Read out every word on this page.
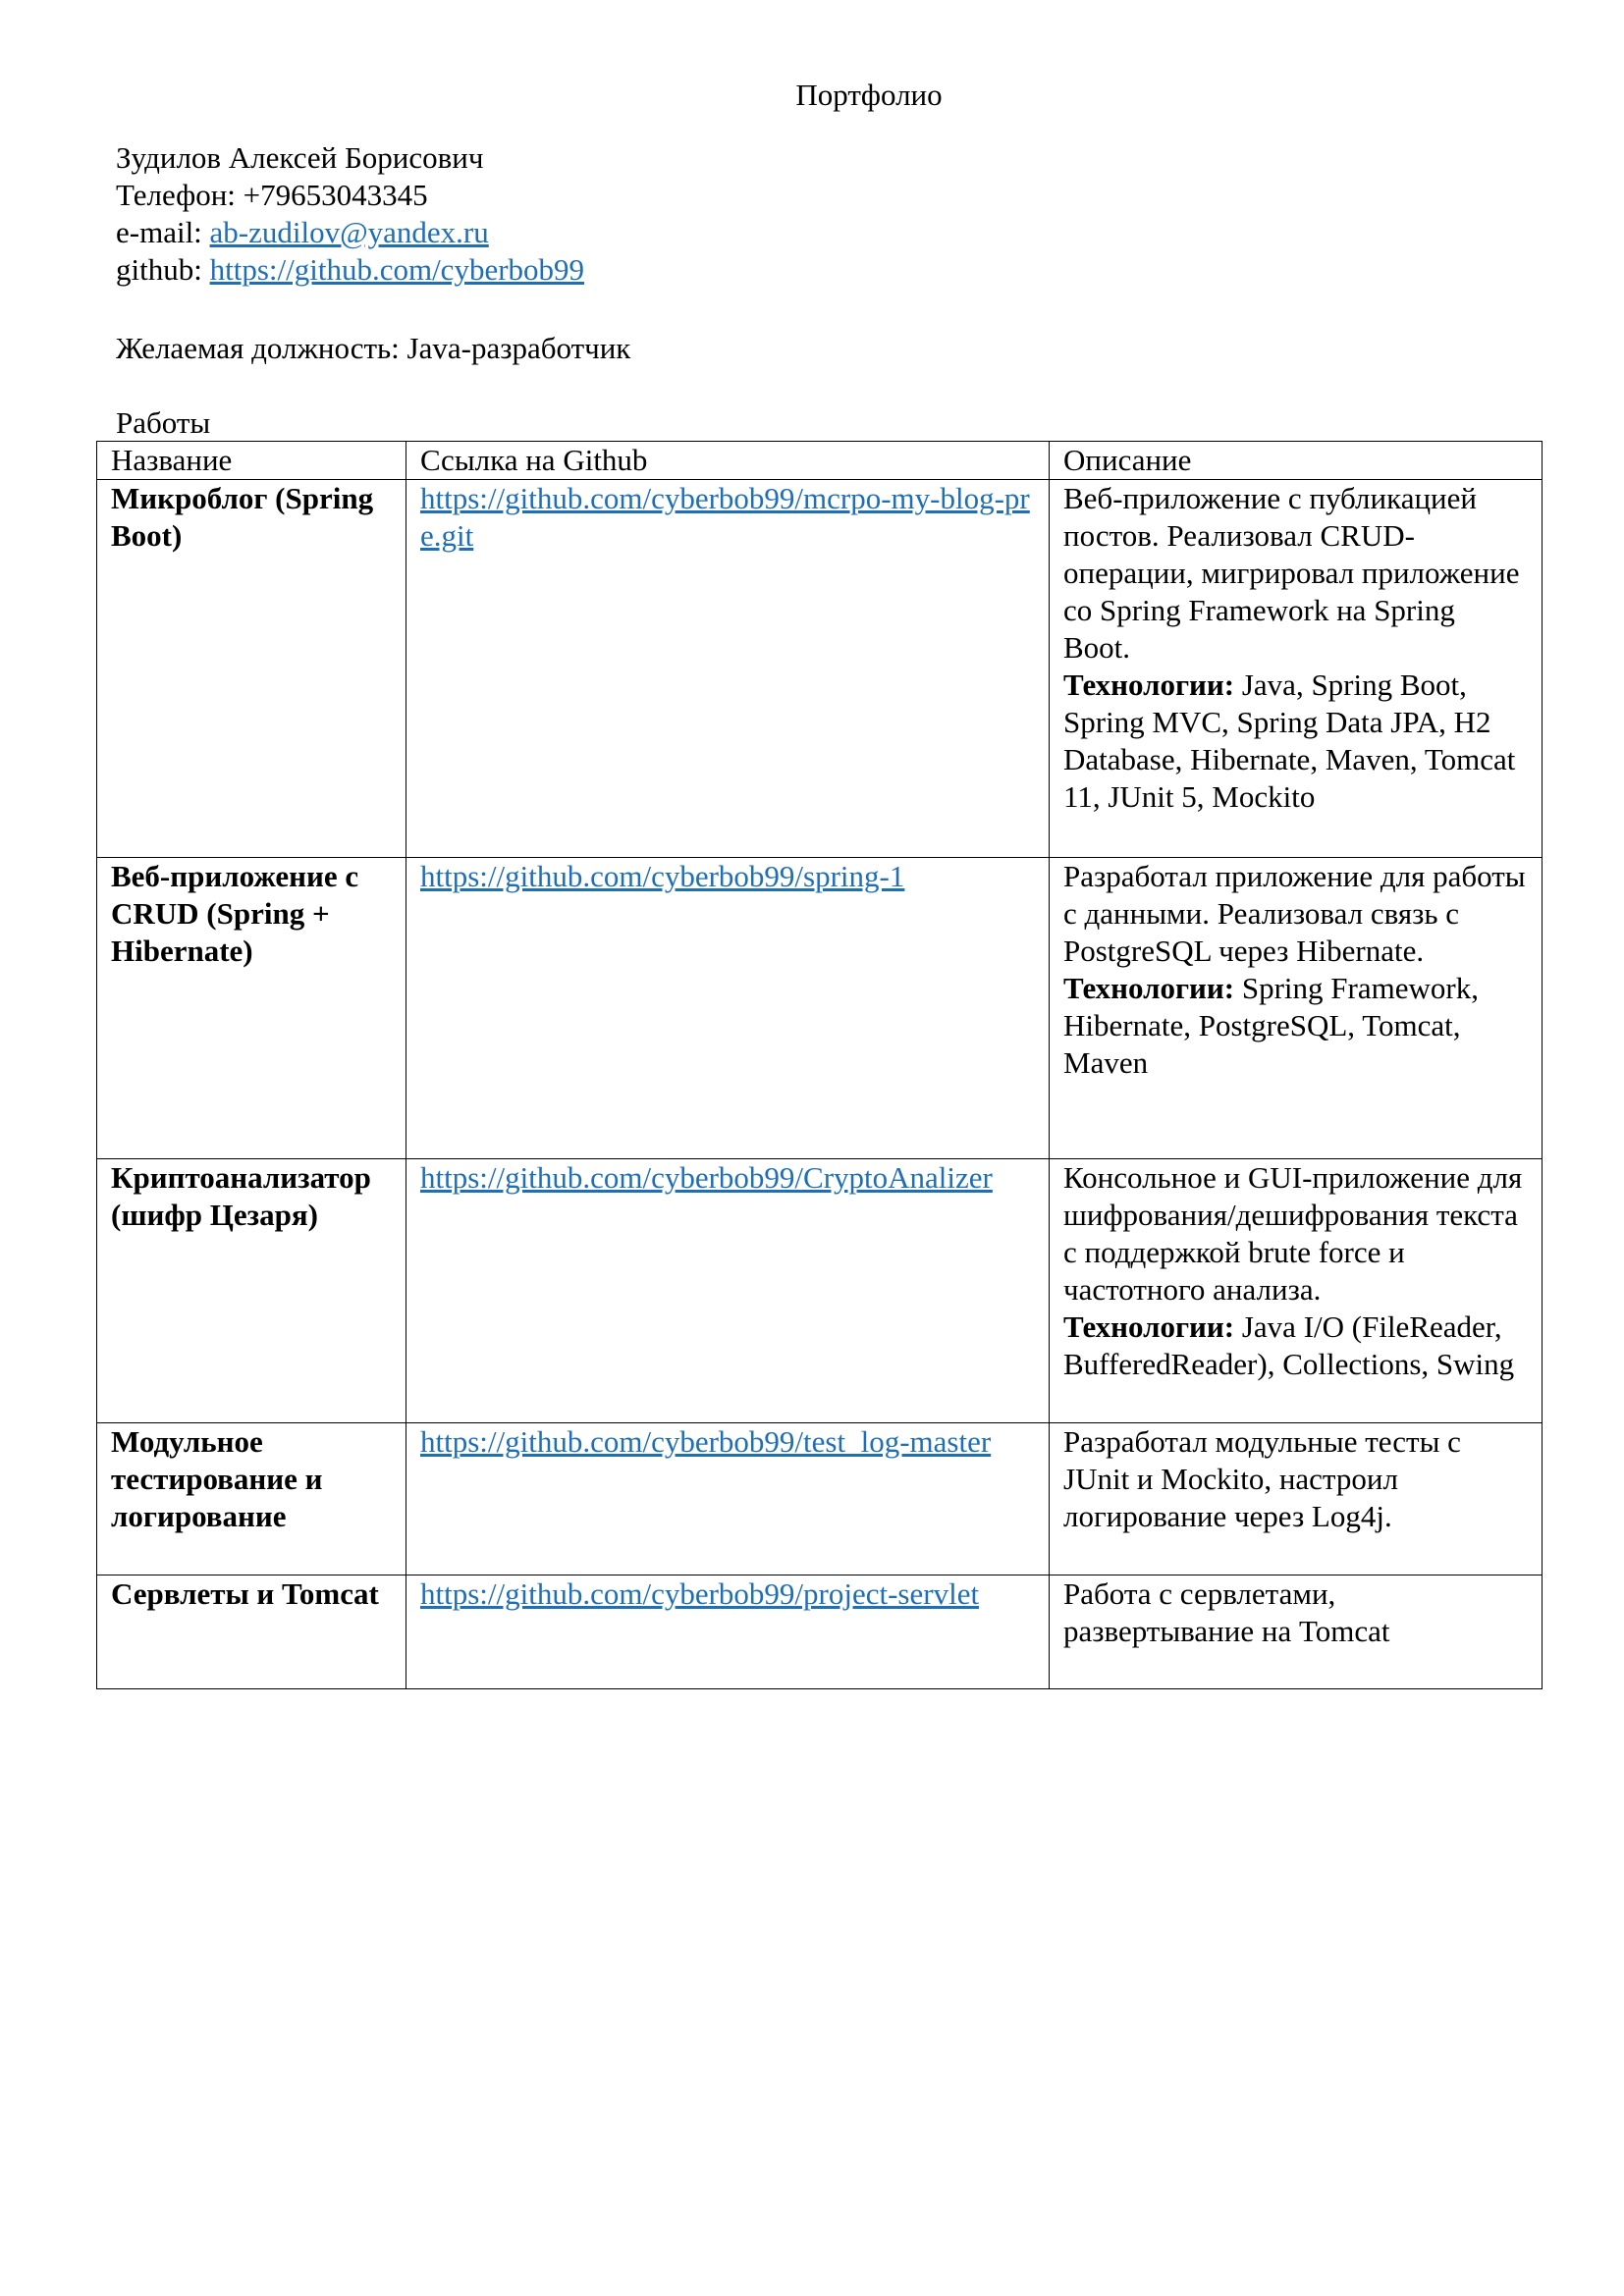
Портфолио
Зудилов Алексей Борисович
Телефон: +79653043345
e-mail: ab-zudilov@yandex.ru
github: https://github.com/cyberbob99
Желаемая должность: Java-разработчик
Работы
Название	Ссылка на Github	Описание
Микроблог (Spring Boot)	https://github.com/cyberbob99/mcrpo-my-blog-pre.git	Веб-приложение с публикацией постов. Реализовал CRUD-операции, мигрировал приложение со Spring Framework на Spring Boot.
Технологии: Java, Spring Boot, Spring MVC, Spring Data JPA, H2 Database, Hibernate, Maven, Tomcat 11, JUnit 5, Mockito
Веб-приложение с CRUD (Spring + Hibernate)	https://github.com/cyberbob99/spring-1	Разработал приложение для работы с данными. Реализовал связь с PostgreSQL через Hibernate.
Технологии: Spring Framework, Hibernate, PostgreSQL, Tomcat, Maven
Криптоанализатор (шифр Цезаря)	https://github.com/cyberbob99/CryptoAnalizer	Консольное и GUI-приложение для шифрования/дешифрования текста с поддержкой brute force и частотного анализа.
Технологии: Java I/O (FileReader, BufferedReader), Collections, Swing
Модульное тестирование и логирование	https://github.com/cyberbob99/test_log-master	Разработал модульные тесты с JUnit и Mockito, настроил логирование через Log4j.

Сервлеты и Tomcat	https://github.com/cyberbob99/project-servlet	Работа с сервлетами, развертывание на Tomcat
